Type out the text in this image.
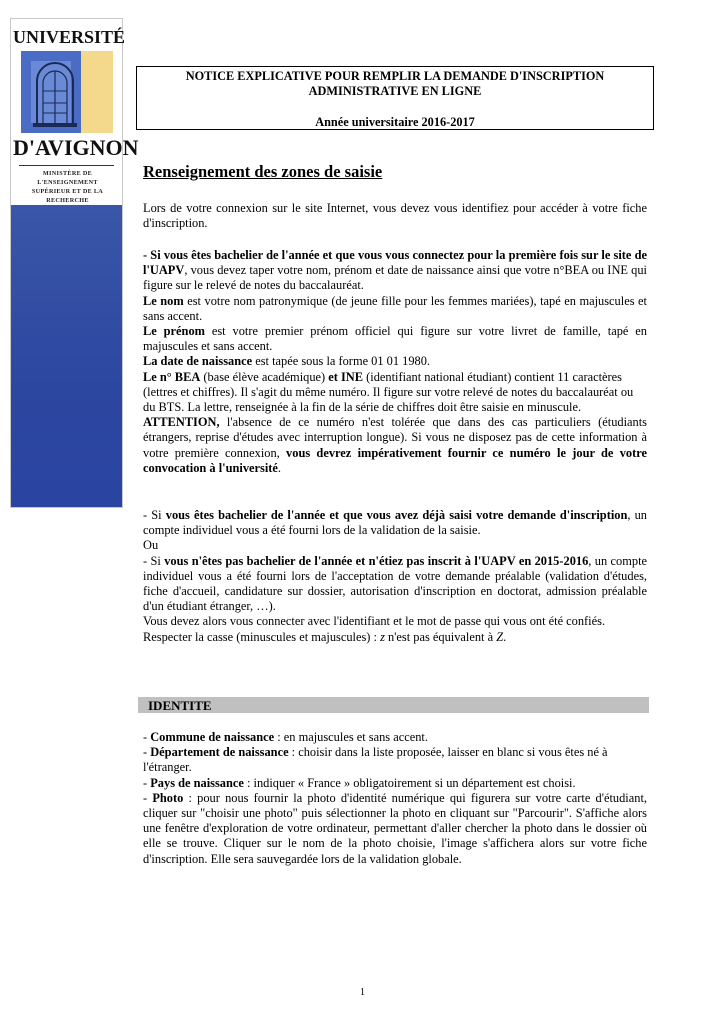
UNIVERSITÉ
D'AVIGNON
MINISTÈRE DE L'ENSEIGNEMENT
SUPÉRIEUR ET DE LA RECHERCHE
NOTICE EXPLICATIVE POUR REMPLIR LA DEMANDE D'INSCRIPTION
ADMINISTRATIVE EN LIGNE
Année universitaire 2016-2017
Renseignement des zones de saisie
Lors de votre connexion sur le site Internet, vous devez vous identifiez pour accéder à votre fiche d'inscription.
- Si vous êtes bachelier de l'année et que vous vous connectez pour la première fois sur le site de l'UAPV, vous devez taper votre nom, prénom et date de naissance ainsi que votre n°BEA ou INE qui figure sur le relevé de notes du baccalauréat.
Le nom est votre nom patronymique (de jeune fille pour les femmes mariées), tapé en majuscules et sans accent.
Le prénom est votre premier prénom officiel qui figure sur votre livret de famille, tapé en majuscules et sans accent.
La date de naissance est tapée sous la forme 01 01 1980.
Le n° BEA (base élève académique) et INE (identifiant national étudiant) contient 11 caractères (lettres et chiffres). Il s'agit du même numéro. Il figure sur votre relevé de notes du baccalauréat ou du BTS. La lettre, renseignée à la fin de la série de chiffres doit être saisie en minuscule.
ATTENTION, l'absence de ce numéro n'est tolérée que dans des cas particuliers (étudiants étrangers, reprise d'études avec interruption longue). Si vous ne disposez pas de cette information à votre première connexion, vous devrez impérativement fournir ce numéro le jour de votre convocation à l'université.
- Si vous êtes bachelier de l'année et que vous avez déjà saisi votre demande d'inscription, un compte individuel vous a été fourni lors de la validation de la saisie.
Ou
- Si vous n'êtes pas bachelier de l'année et n'étiez pas inscrit à l'UAPV en 2015-2016, un compte individuel vous a été fourni lors de l'acceptation de votre demande préalable (validation d'études, fiche d'accueil, candidature sur dossier, autorisation d'inscription en doctorat, admission préalable d'un étudiant étranger, …).
Vous devez alors vous connecter avec l'identifiant et le mot de passe qui vous ont été confiés.
Respecter la casse (minuscules et majuscules) : z n'est pas équivalent à Z.
IDENTITE
- Commune de naissance : en majuscules et sans accent.
- Département de naissance : choisir dans la liste proposée, laisser en blanc si vous êtes né à l'étranger.
- Pays de naissance : indiquer « France » obligatoirement si un département est choisi.
- Photo : pour nous fournir la photo d'identité numérique qui figurera sur votre carte d'étudiant, cliquer sur "choisir une photo" puis sélectionner la photo en cliquant sur "Parcourir". S'affiche alors une fenêtre d'exploration de votre ordinateur, permettant d'aller chercher la photo dans le dossier où elle se trouve. Cliquer sur le nom de la photo choisie, l'image s'affichera alors sur votre fiche d'inscription. Elle sera sauvegardée lors de la validation globale.
1
